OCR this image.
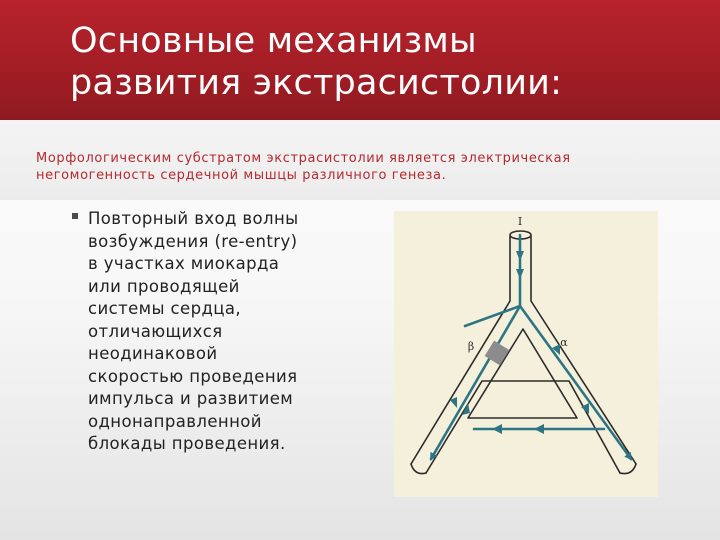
Основные механизмы
развития экстрасистолии:

Морфологическим субстратом экстрасистолии является электрическая
негомогенность сердечной мышцы различного генеза.

Повторный вход волны
возбуждения (re-entry)
в участках миокарда
или проводящей
системы сердца,
отличающихся
неодинаковой
скоростью проведения
импульса и развитием
однонаправленной
блокады проведения.

I
β	α
